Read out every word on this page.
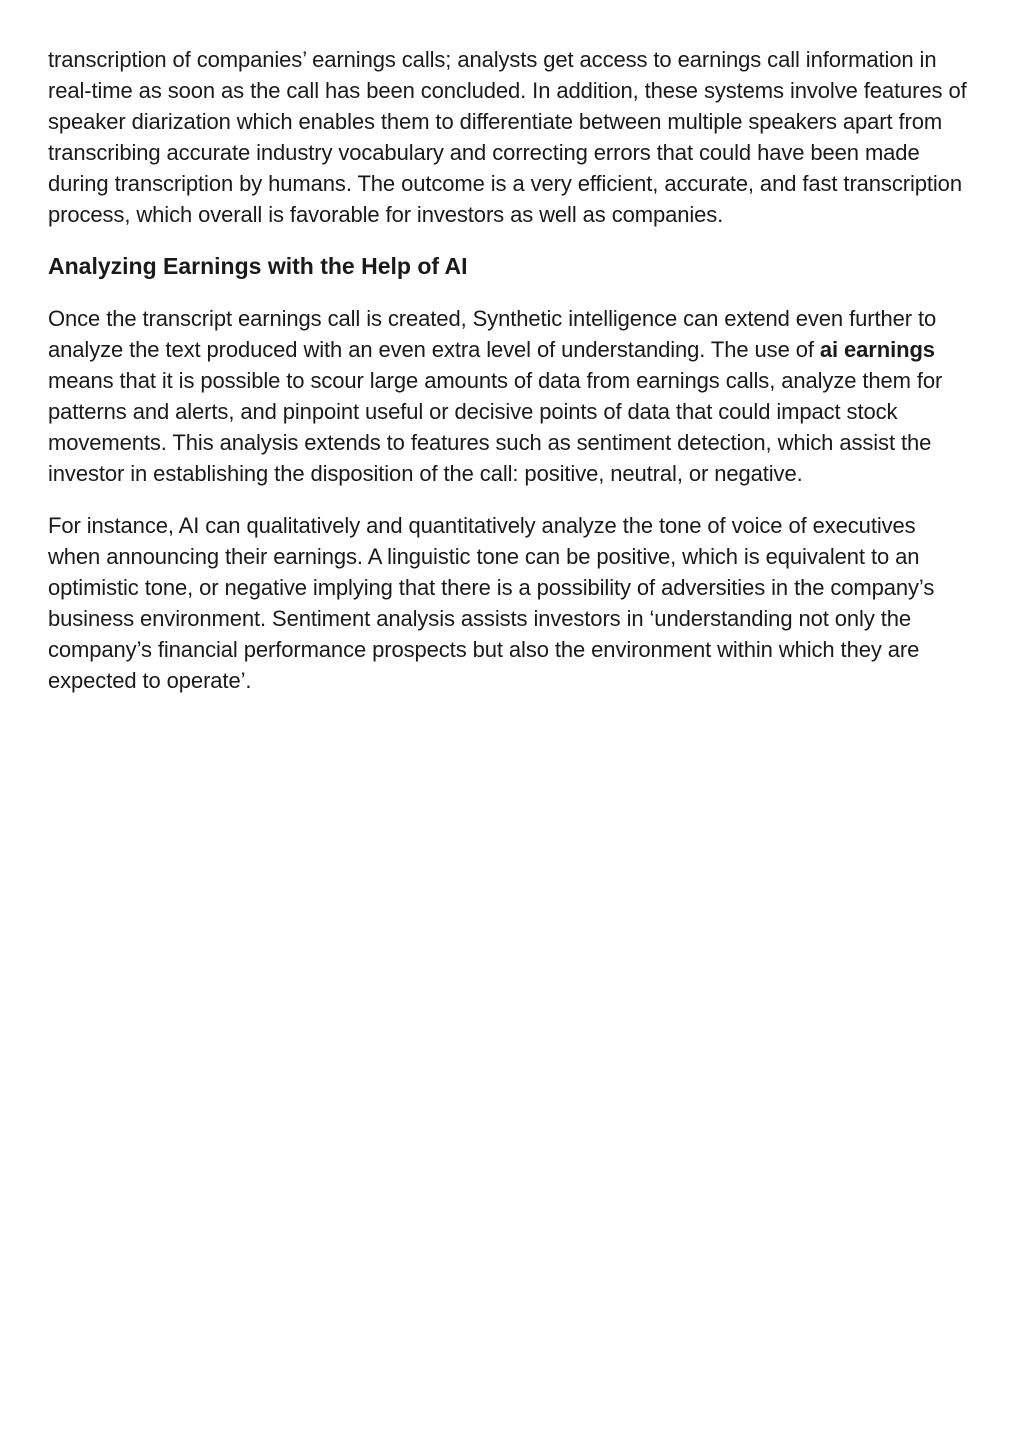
transcription of companies’ earnings calls; analysts get access to earnings call information in real-time as soon as the call has been concluded. In addition, these systems involve features of speaker diarization which enables them to differentiate between multiple speakers apart from transcribing accurate industry vocabulary and correcting errors that could have been made during transcription by humans. The outcome is a very efficient, accurate, and fast transcription process, which overall is favorable for investors as well as companies.

Analyzing Earnings with the Help of AI

Once the transcript earnings call is created, Synthetic intelligence can extend even further to analyze the text produced with an even extra level of understanding. The use of ai earnings means that it is possible to scour large amounts of data from earnings calls, analyze them for patterns and alerts, and pinpoint useful or decisive points of data that could impact stock movements. This analysis extends to features such as sentiment detection, which assist the investor in establishing the disposition of the call: positive, neutral, or negative.

For instance, AI can qualitatively and quantitatively analyze the tone of voice of executives when announcing their earnings. A linguistic tone can be positive, which is equivalent to an optimistic tone, or negative implying that there is a possibility of adversities in the company’s business environment. Sentiment analysis assists investors in ‘understanding not only the company’s financial performance prospects but also the environment within which they are expected to operate’.
